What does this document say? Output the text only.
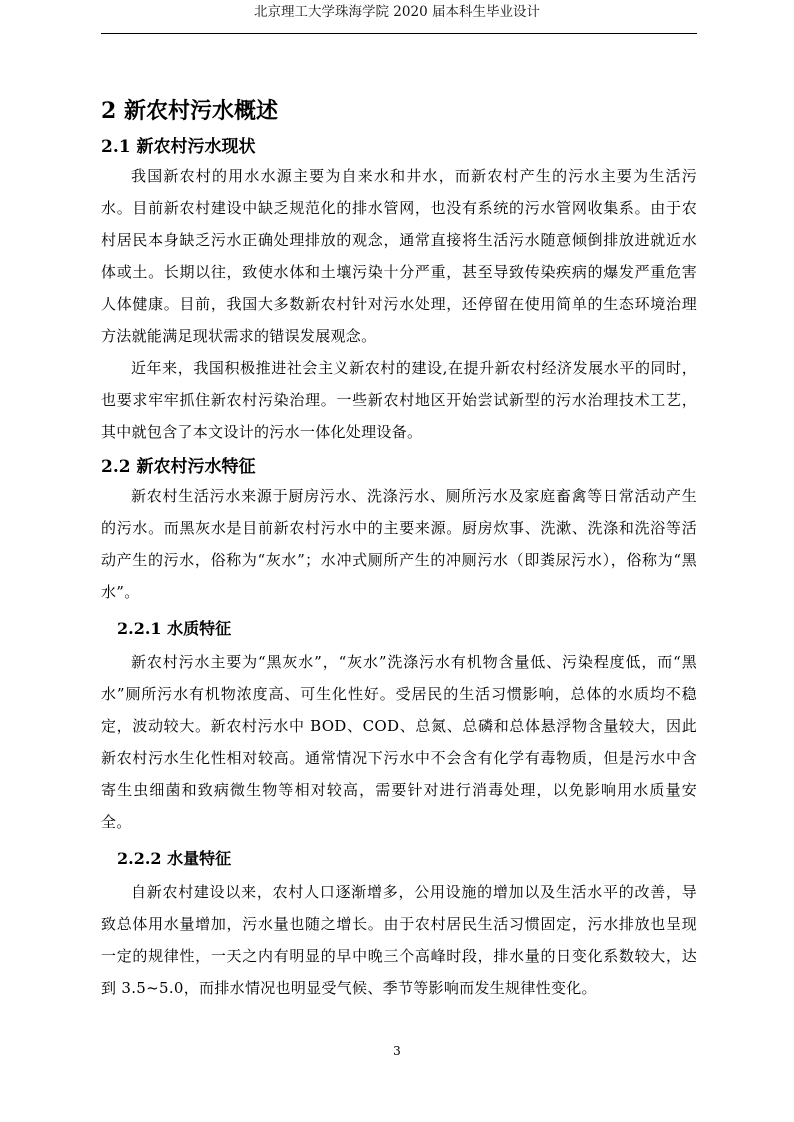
北京理工大学珠海学院 2020 届本科生毕业设计
2 新农村污水概述
2.1 新农村污水现状

我国新农村的用水水源主要为自来水和井水，而新农村产生的污水主要为生活污水。目前新农村建设中缺乏规范化的排水管网，也没有系统的污水管网收集系。由于农村居民本身缺乏污水正确处理排放的观念，通常直接将生活污水随意倾倒排放进就近水体或土。长期以往，致使水体和土壤污染十分严重，甚至导致传染疾病的爆发严重危害人体健康。目前，我国大多数新农村针对污水处理，还停留在使用简单的生态环境治理方法就能满足现状需求的错误发展观念。

近年来，我国积极推进社会主义新农村的建设,在提升新农村经济发展水平的同时，也要求牢牢抓住新农村污染治理。一些新农村地区开始尝试新型的污水治理技术工艺，其中就包含了本文设计的污水一体化处理设备。

2.2 新农村污水特征

新农村生活污水来源于厨房污水、洗涤污水、厕所污水及家庭畜禽等日常活动产生的污水。而黑灰水是目前新农村污水中的主要来源。厨房炊事、洗漱、洗涤和洗浴等活动产生的污水，俗称为“灰水”；水冲式厕所产生的冲厕污水（即粪尿污水），俗称为“黑水”。

2.2.1 水质特征

新农村污水主要为“黑灰水”，“灰水”洗涤污水有机物含量低、污染程度低，而“黑水”厕所污水有机物浓度高、可生化性好。受居民的生活习惯影响，总体的水质均不稳定，波动较大。新农村污水中 BOD、COD、总氮、总磷和总体悬浮物含量较大，因此新农村污水生化性相对较高。通常情况下污水中不会含有化学有毒物质，但是污水中含寄生虫细菌和致病微生物等相对较高，需要针对进行消毒处理，以免影响用水质量安全。

2.2.2 水量特征

自新农村建设以来，农村人口逐渐增多，公用设施的增加以及生活水平的改善，导致总体用水量增加，污水量也随之增长。由于农村居民生活习惯固定，污水排放也呈现一定的规律性，一天之内有明显的早中晚三个高峰时段，排水量的日变化系数较大，达到 3.5~5.0，而排水情况也明显受气候、季节等影响而发生规律性变化。

3
